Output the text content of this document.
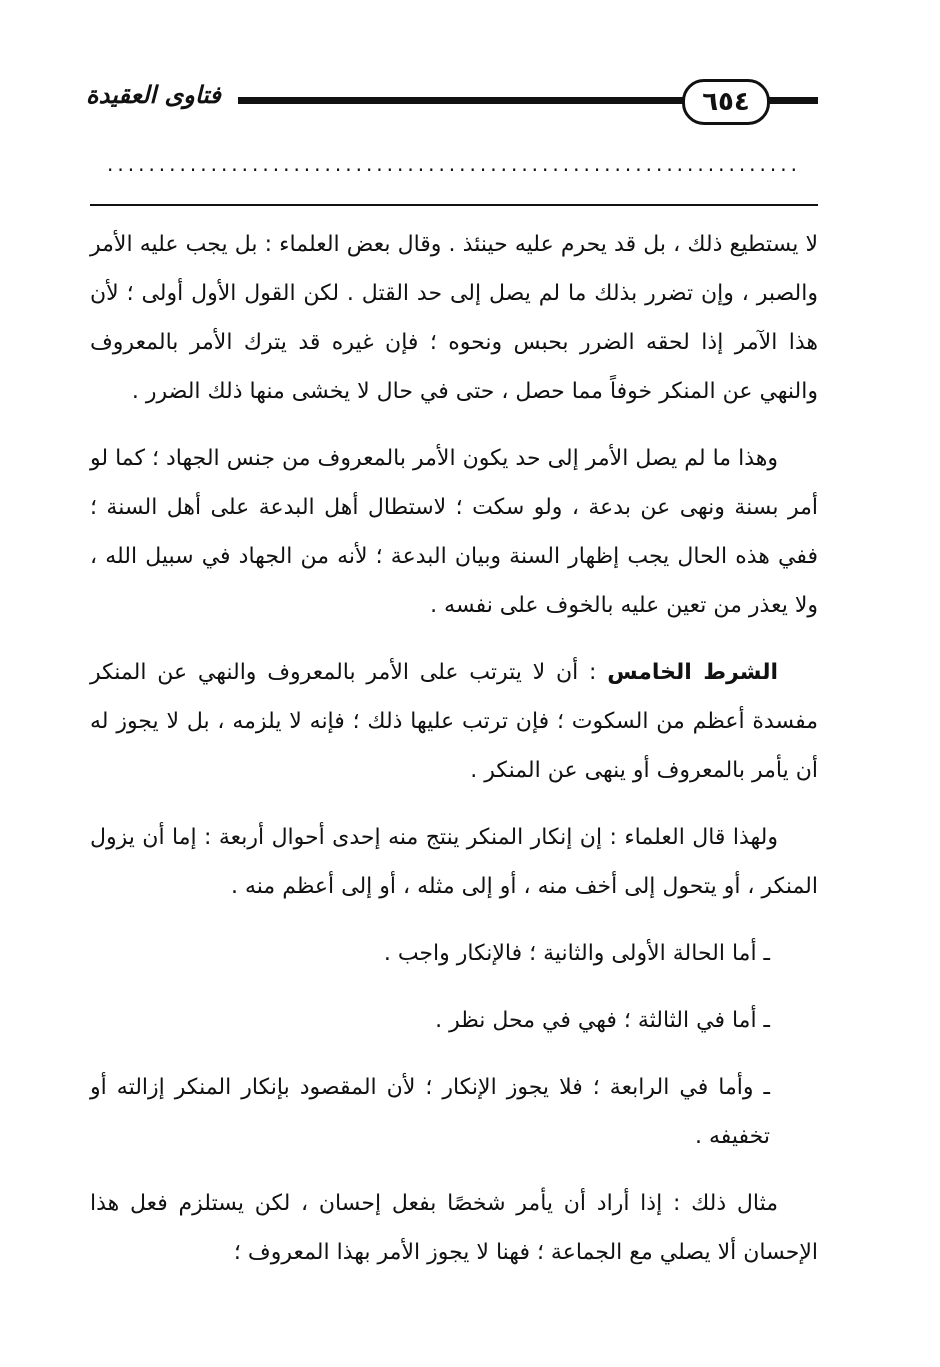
فتاوى العقيدة	٦٥٤
...................................................................

لا يستطيع ذلك ، بل قد يحرم عليه حينئذ . وقال بعض العلماء : بل يجب عليه الأمر والصبر ، وإن تضرر بذلك ما لم يصل إلى حد القتل . لكن القول الأول أولى ؛ لأن هذا الآمر إذا لحقه الضرر بحبس ونحوه ؛ فإن غيره قد يترك الأمر بالمعروف والنهي عن المنكر خوفاً مما حصل ، حتى في حال لا يخشى منها ذلك الضرر .

وهذا ما لم يصل الأمر إلى حد يكون الأمر بالمعروف من جنس الجهاد ؛ كما لو أمر بسنة ونهى عن بدعة ، ولو سكت ؛ لاستطال أهل البدعة على أهل السنة ؛ ففي هذه الحال يجب إظهار السنة وبيان البدعة ؛ لأنه من الجهاد في سبيل الله ، ولا يعذر من تعين عليه بالخوف على نفسه .

الشرط الخامس : أن لا يترتب على الأمر بالمعروف والنهي عن المنكر مفسدة أعظم من السكوت ؛ فإن ترتب عليها ذلك ؛ فإنه لا يلزمه ، بل لا يجوز له أن يأمر بالمعروف أو ينهى عن المنكر .

ولهذا قال العلماء : إن إنكار المنكر ينتج منه إحدى أحوال أربعة : إما أن يزول المنكر ، أو يتحول إلى أخف منه ، أو إلى مثله ، أو إلى أعظم منه .

ـ أما الحالة الأولى والثانية ؛ فالإنكار واجب .

ـ أما في الثالثة ؛ فهي في محل نظر .

ـ وأما في الرابعة ؛ فلا يجوز الإنكار ؛ لأن المقصود بإنكار المنكر إزالته أو تخفيفه .

مثال ذلك : إذا أراد أن يأمر شخصًا بفعل إحسان ، لكن يستلزم فعل هذا الإحسان ألا يصلي مع الجماعة ؛ فهنا لا يجوز الأمر بهذا المعروف ؛
